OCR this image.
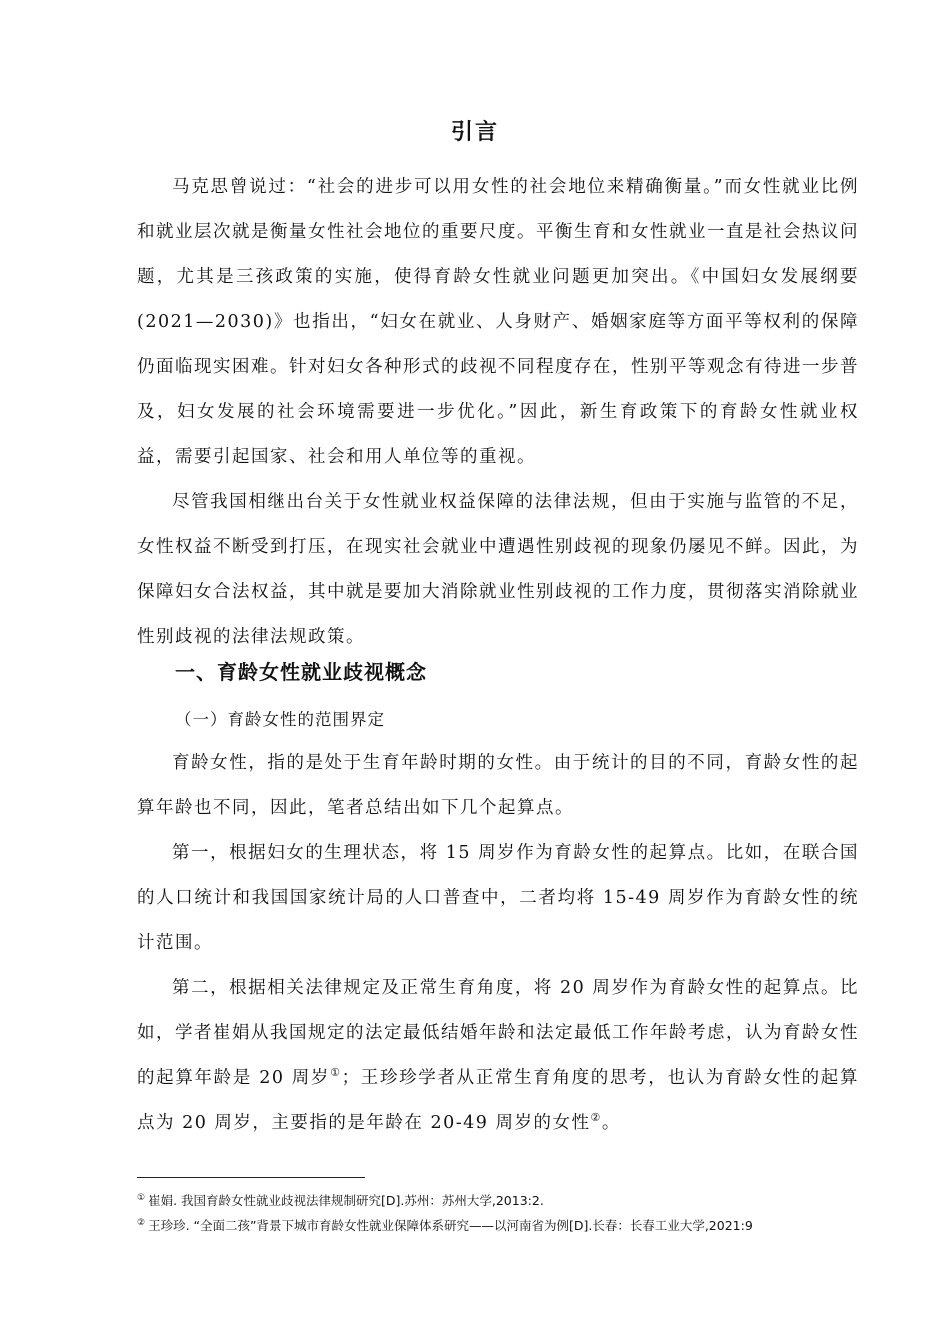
引言

马克思曾说过：“社会的进步可以用女性的社会地位来精确衡量。”而女性就业比例和就业层次就是衡量女性社会地位的重要尺度。平衡生育和女性就业一直是社会热议问题，尤其是三孩政策的实施，使得育龄女性就业问题更加突出。《中国妇女发展纲要 (2021—2030)》也指出，“妇女在就业、人身财产、婚姻家庭等方面平等权利的保障仍面临现实困难。针对妇女各种形式的歧视不同程度存在，性别平等观念有待进一步普及，妇女发展的社会环境需要进一步优化。”因此，新生育政策下的育龄女性就业权益，需要引起国家、社会和用人单位等的重视。

尽管我国相继出台关于女性就业权益保障的法律法规，但由于实施与监管的不足，女性权益不断受到打压，在现实社会就业中遭遇性别歧视的现象仍屡见不鲜。因此，为保障妇女合法权益，其中就是要加大消除就业性别歧视的工作力度，贯彻落实消除就业性别歧视的法律法规政策。

一、育龄女性就业歧视概念
（一）育龄女性的范围界定

育龄女性，指的是处于生育年龄时期的女性。由于统计的目的不同，育龄女性的起算年龄也不同，因此，笔者总结出如下几个起算点。

第一，根据妇女的生理状态，将 15 周岁作为育龄女性的起算点。比如，在联合国的人口统计和我国国家统计局的人口普查中，二者均将 15-49 周岁作为育龄女性的统计范围。

第二，根据相关法律规定及正常生育角度，将 20 周岁作为育龄女性的起算点。比如，学者崔娟从我国规定的法定最低结婚年龄和法定最低工作年龄考虑，认为育龄女性的起算年龄是 20 周岁①；王珍珍学者从正常生育角度的思考，也认为育龄女性的起算点为 20 周岁，主要指的是年龄在 20-49 周岁的女性②。

① 崔娟. 我国育龄女性就业歧视法律规制研究[D].苏州：苏州大学,2013:2.
② 王珍珍. “全面二孩”背景下城市育龄女性就业保障体系研究——以河南省为例[D].长春：长春工业大学,2021:9
